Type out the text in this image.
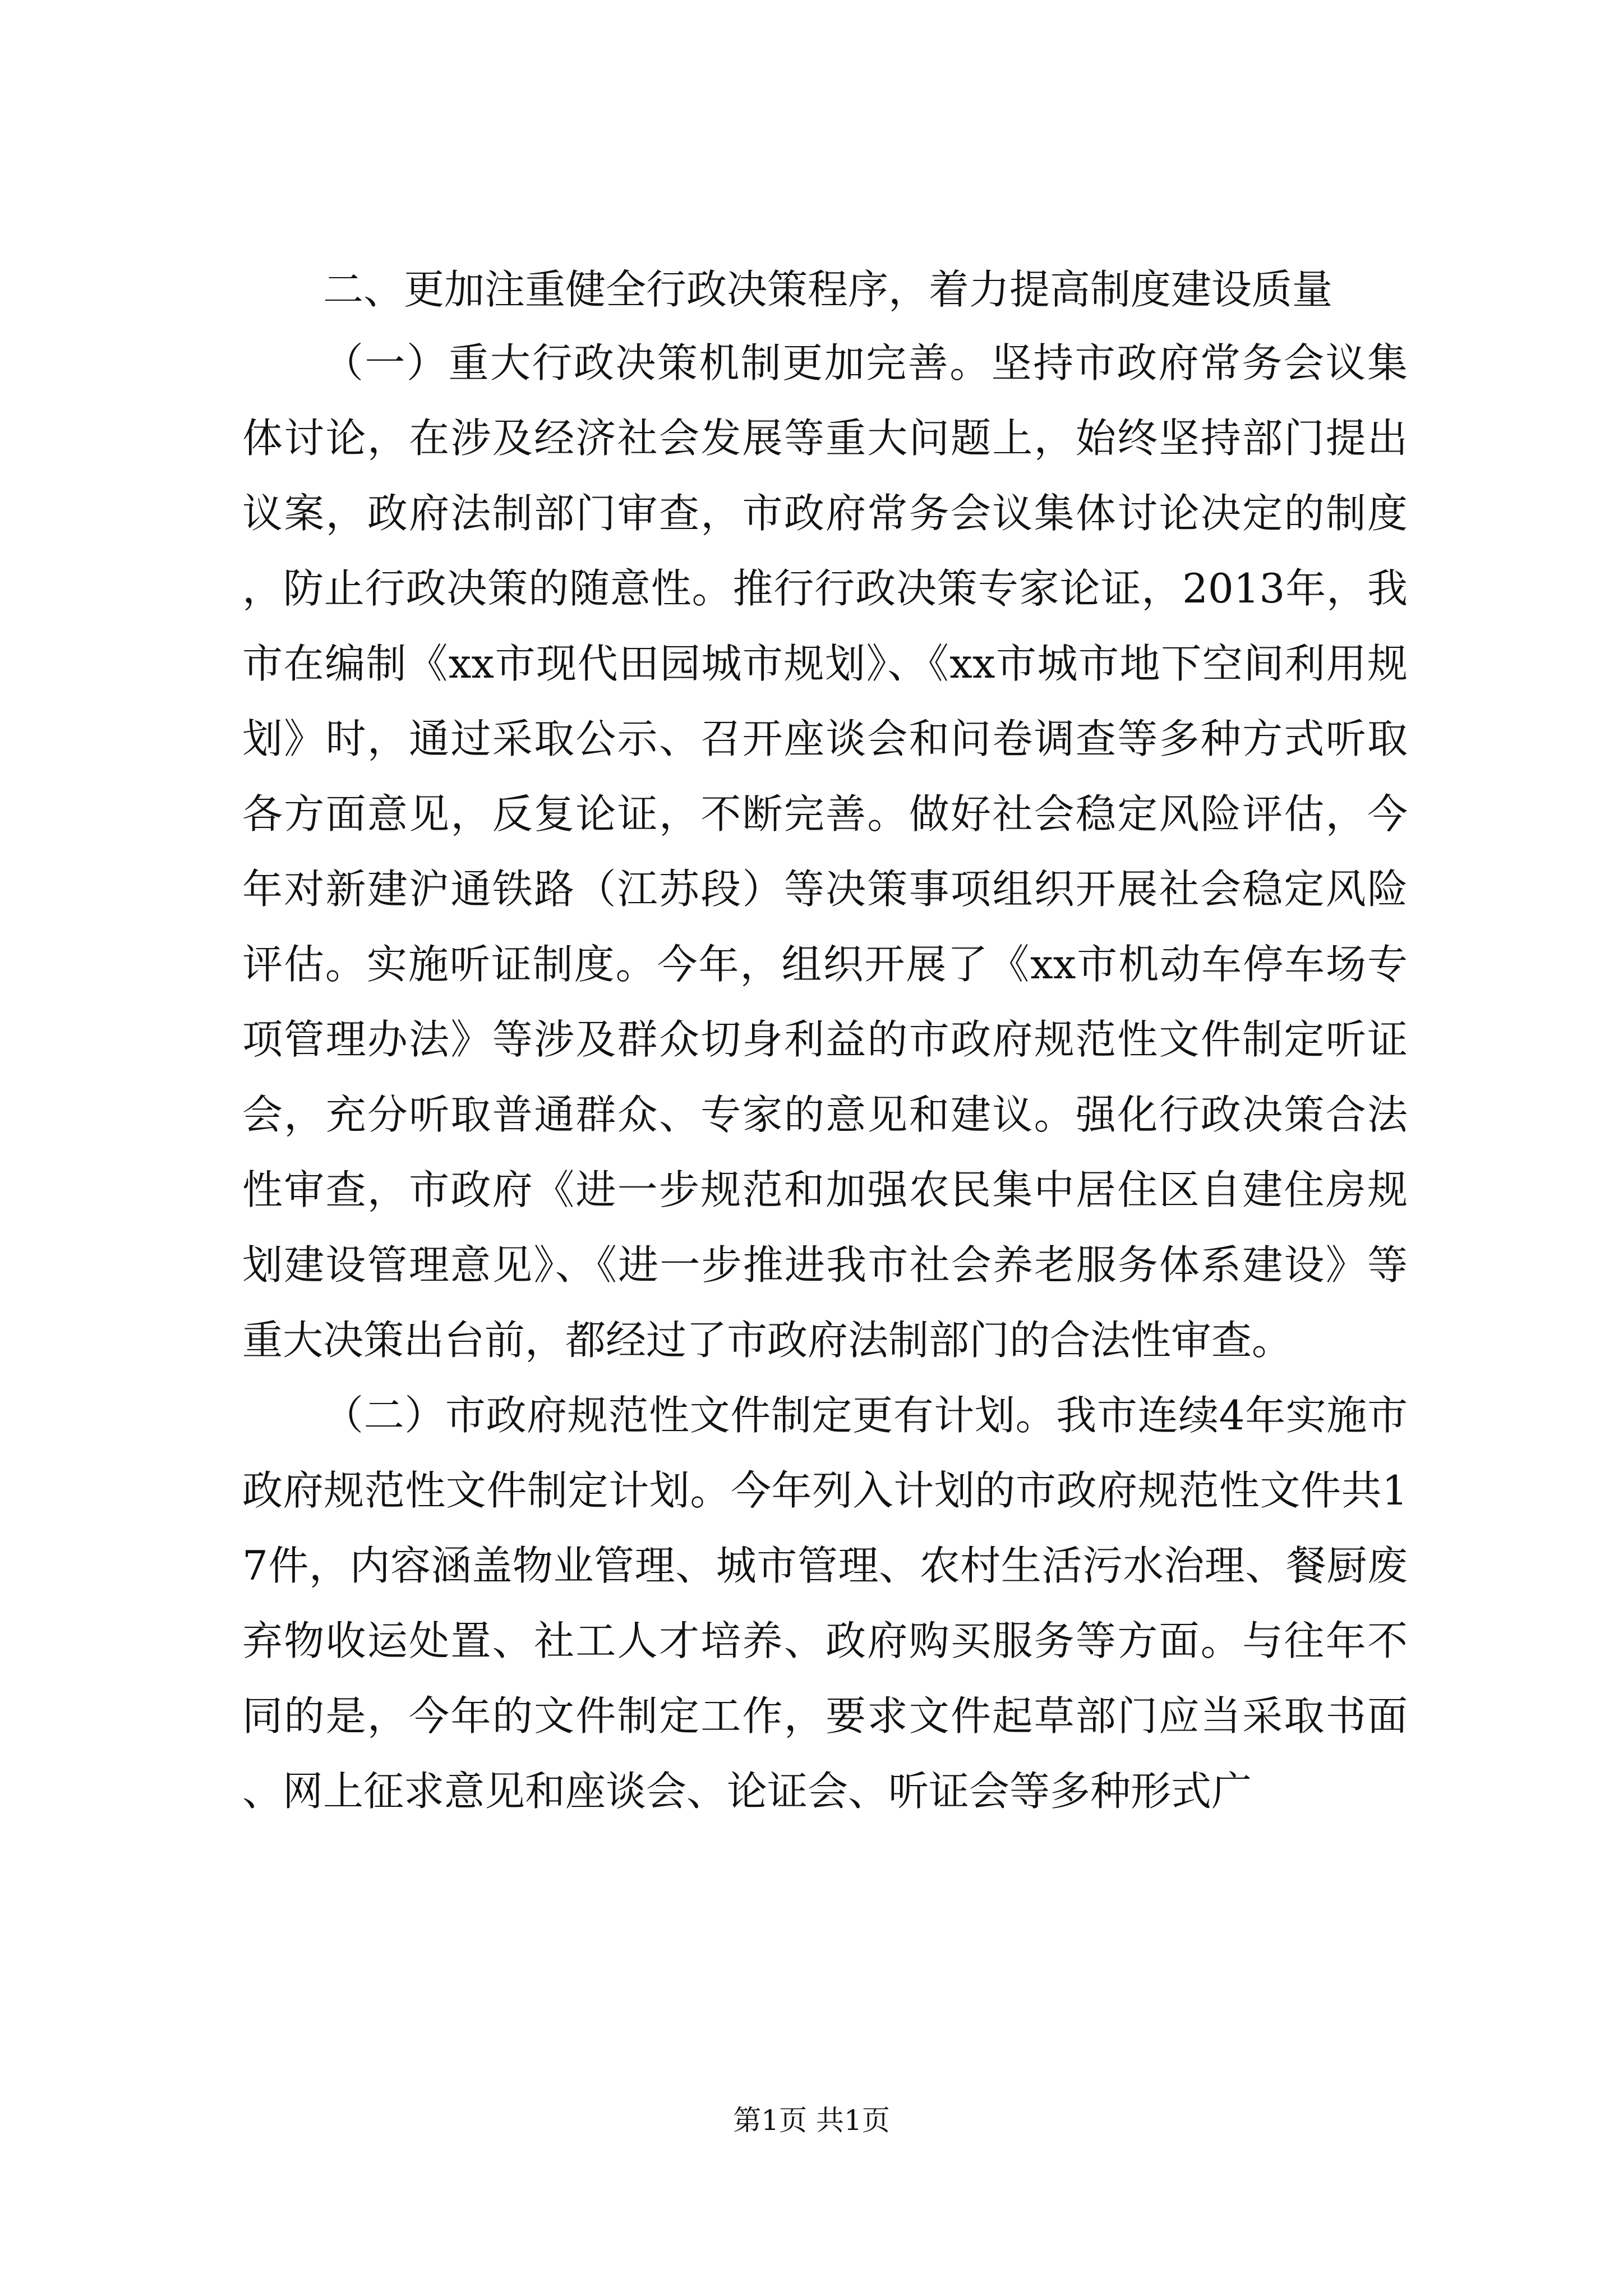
二、更加注重健全行政决策程序，着力提高制度建设质量

（一）重大行政决策机制更加完善。坚持市政府常务会议集体讨论，在涉及经济社会发展等重大问题上，始终坚持部门提出议案，政府法制部门审查，市政府常务会议集体讨论决定的制度，防止行政决策的随意性。推行行政决策专家论证，2013年，我市在编制《xx市现代田园城市规划》、《xx市城市地下空间利用规划》时，通过采取公示、召开座谈会和问卷调查等多种方式听取各方面意见，反复论证，不断完善。做好社会稳定风险评估，今年对新建沪通铁路（江苏段）等决策事项组织开展社会稳定风险评估。实施听证制度。今年，组织开展了《xx市机动车停车场专项管理办法》等涉及群众切身利益的市政府规范性文件制定听证会，充分听取普通群众、专家的意见和建议。强化行政决策合法性审查，市政府《进一步规范和加强农民集中居住区自建住房规划建设管理意见》、《进一步推进我市社会养老服务体系建设》等重大决策出台前，都经过了市政府法制部门的合法性审查。

（二）市政府规范性文件制定更有计划。我市连续4年实施市政府规范性文件制定计划。今年列入计划的市政府规范性文件共17件，内容涵盖物业管理、城市管理、农村生活污水治理、餐厨废弃物收运处置、社工人才培养、政府购买服务等方面。与往年不同的是，今年的文件制定工作，要求文件起草部门应当采取书面、网上征求意见和座谈会、论证会、听证会等多种形式广

第1页 共1页
